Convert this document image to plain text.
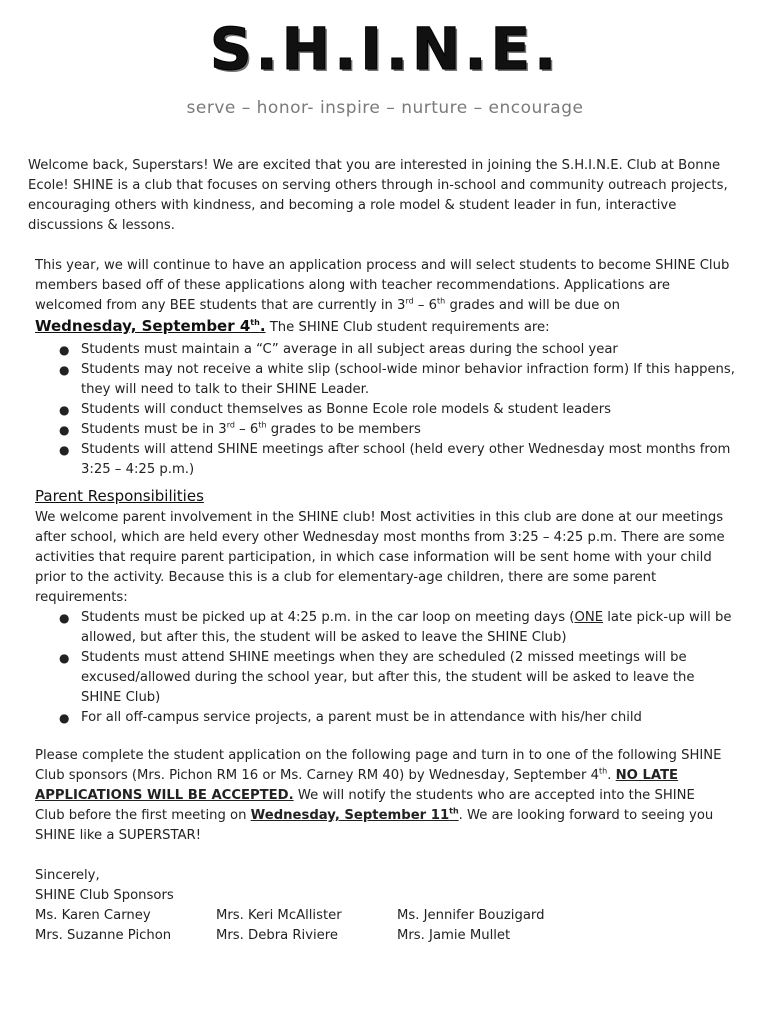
S.H.I.N.E.
serve – honor- inspire – nurture – encourage

Welcome back, Superstars! We are excited that you are interested in joining the S.H.I.N.E. Club at Bonne Ecole! SHINE is a club that focuses on serving others through in-school and community outreach projects, encouraging others with kindness, and becoming a role model & student leader in fun, interactive discussions & lessons.

This year, we will continue to have an application process and will select students to become SHINE Club members based off of these applications along with teacher recommendations. Applications are welcomed from any BEE students that are currently in 3rd – 6th grades and will be due on
Wednesday, September 4th. The SHINE Club student requirements are:

● Students must maintain a “C” average in all subject areas during the school year
● Students may not receive a white slip (school-wide minor behavior infraction form) If this happens, they will need to talk to their SHINE Leader.
● Students will conduct themselves as Bonne Ecole role models & student leaders
● Students must be in 3rd – 6th grades to be members
● Students will attend SHINE meetings after school (held every other Wednesday most months from 3:25 – 4:25 p.m.)
Parent Responsibilities

We welcome parent involvement in the SHINE club! Most activities in this club are done at our meetings after school, which are held every other Wednesday most months from 3:25 – 4:25 p.m. There are some activities that require parent participation, in which case information will be sent home with your child prior to the activity. Because this is a club for elementary-age children, there are some parent requirements:

● Students must be picked up at 4:25 p.m. in the car loop on meeting days (ONE late pick-up will be allowed, but after this, the student will be asked to leave the SHINE Club)
● Students must attend SHINE meetings when they are scheduled (2 missed meetings will be excused/allowed during the school year, but after this, the student will be asked to leave the SHINE Club)
● For all off-campus service projects, a parent must be in attendance with his/her child

Please complete the student application on the following page and turn in to one of the following SHINE Club sponsors (Mrs. Pichon RM 16 or Ms. Carney RM 40) by Wednesday, September 4th. NO LATE APPLICATIONS WILL BE ACCEPTED. We will notify the students who are accepted into the SHINE Club before the first meeting on Wednesday, September 11th. We are looking forward to seeing you SHINE like a SUPERSTAR!

Sincerely,
SHINE Club Sponsors
Ms. Karen Carney	Mrs. Keri McAllister	Ms. Jennifer Bouzigard
Mrs. Suzanne Pichon	Mrs. Debra Riviere	Mrs. Jamie Mullet
